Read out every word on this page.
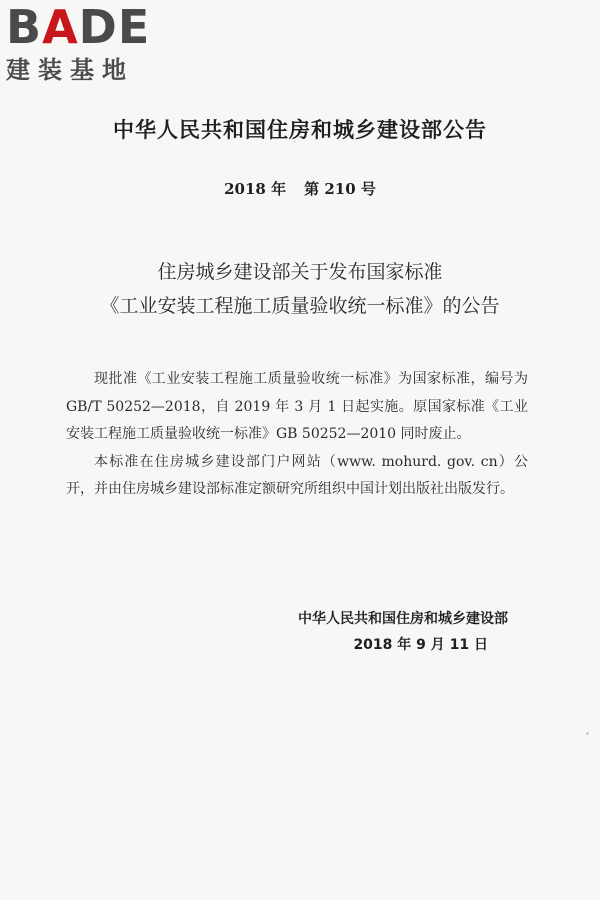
BADE
建装基地
中华人民共和国住房和城乡建设部公告
2018 年 第 210 号
住房城乡建设部关于发布国家标准
《工业安装工程施工质量验收统一标准》的公告

现批准《工业安装工程施工质量验收统一标准》为国家标准，编号为 GB/T 50252—2018，自 2019 年 3 月 1 日起实施。原国家标准《工业安装工程施工质量验收统一标准》GB 50252—2010 同时废止。

本标准在住房城乡建设部门户网站（www. mohurd. gov. cn）公开，并由住房城乡建设部标准定额研究所组织中国计划出版社出版发行。

中华人民共和国住房和城乡建设部
2018 年 9 月 11 日
